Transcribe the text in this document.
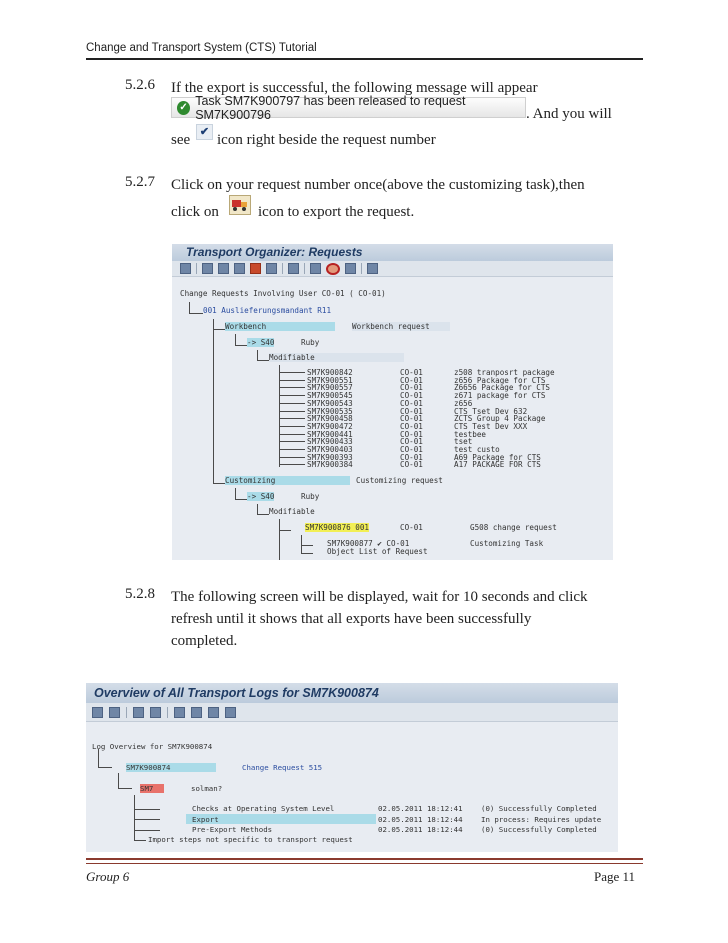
Change and Transport System (CTS) Tutorial
5.2.6 If the export is successful, the following message will appear
✓ Task SM7K900797 has been released to request SM7K900796	. And you will
see ✔ icon right beside the request number
5.2.7 Click on your request number once(above the customizing task),then
click on	icon to export the request.
Transport Organizer: Requests
Change Requests Involving User CO-01 ( CO-01)
001 Auslieferungsmandant R11
Workbench	Workbench request
-> S40	Ruby
Modifiable
SM7K900842	CO-01	z508 tranposrt package
SM7K900551	CO-01	z656 Package for CTS
SM7K900557	CO-01	Z6656 Package for CTS
SM7K900545	CO-01	z671 package for CTS
SM7K900543	CO-01	z656
SM7K900535	CO-01	CTS Tset Dev 632
SM7K900458	CO-01	ZCTS Group 4 Package
SM7K900472	CO-01	CTS Test Dev XXX
SM7K900441	CO-01	testbee
SM7K900433	CO-01	tset
SM7K900403	CO-01	test custo
SM7K900393	CO-01	A69 Package for CTS
SM7K900384	CO-01	A17 PACKAGE FOR CTS
Customizing	Customizing request
-> S40	Ruby
Modifiable
SM7K900876 001	CO-01	G508 change request
SM7K900877 ✔ CO-01	Customizing Task
Object List of Request
5.2.8 The following screen will be displayed, wait for 10 seconds and click
refresh until it shows that all exports have been successfully
completed.
Overview of All Transport Logs for SM7K900874
Log Overview for SM7K900874
SM7K900874	Change Request 515
SM7	solman?
Checks at Operating System Level	02.05.2011 18:12:41 (0) Successfully Completed
Export	02.05.2011 18:12:44 In process: Requires update
Pre-Export Methods	02.05.2011 18:12:44 (0) Successfully Completed
Import steps not specific to transport request
Group 6	Page 11
